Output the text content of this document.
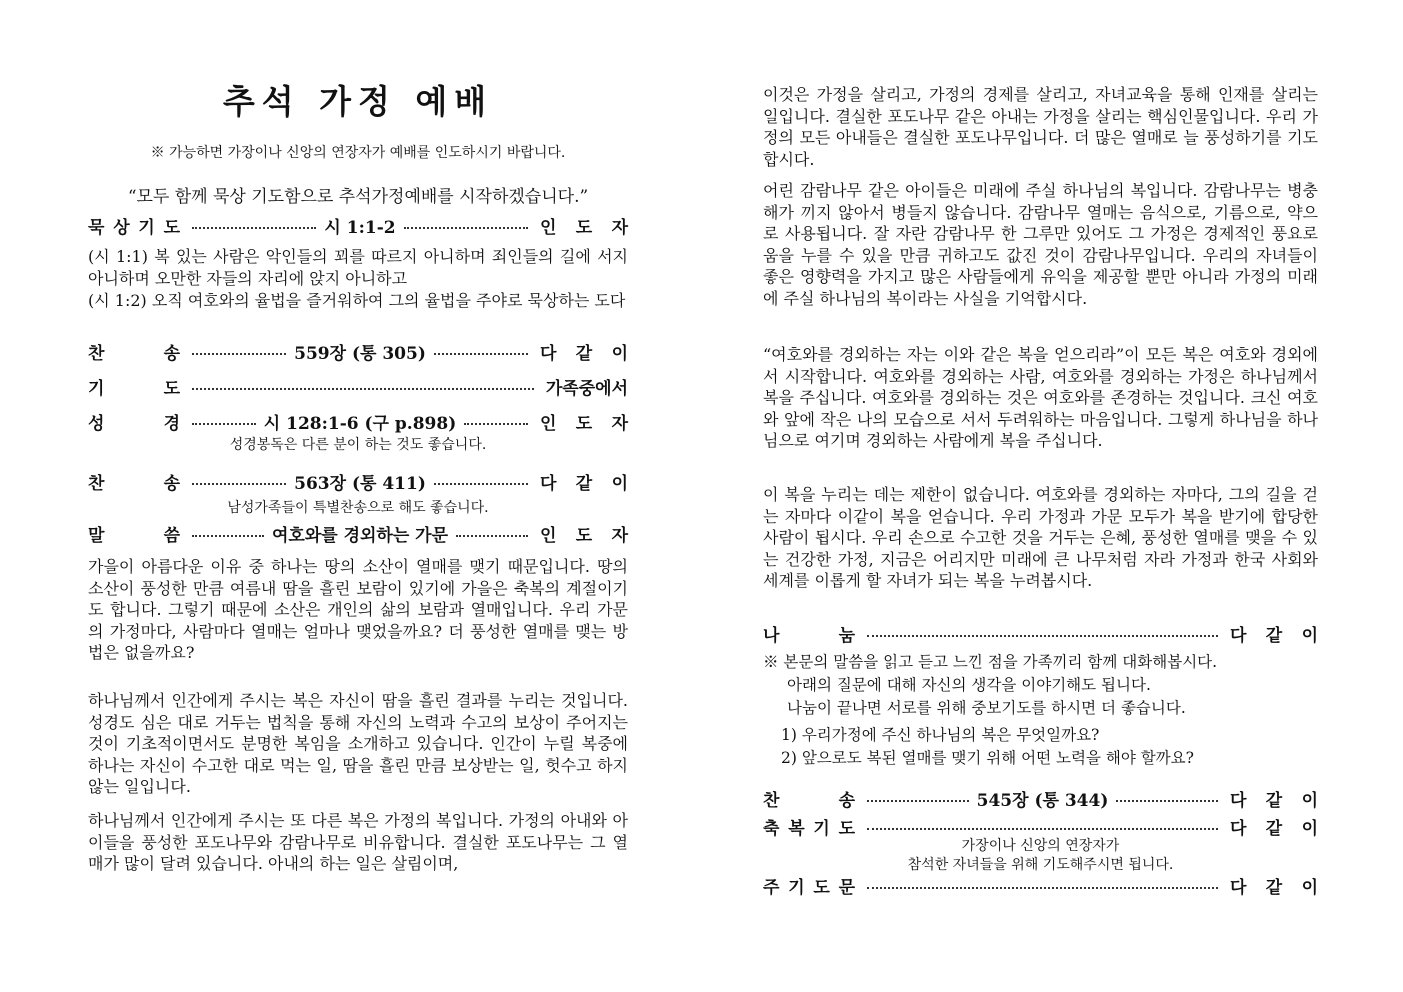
추석 가정 예배
※ 가능하면 가장이나 신앙의 연장자가 예배를 인도하시기 바랍니다.
“모두 함께 묵상 기도함으로 추석가정예배를 시작하겠습니다.”
묵 상 기 도	시 1:1-2	인 도 자

(시 1:1) 복 있는 사람은 악인들의 꾀를 따르지 아니하며 죄인들의 길에 서지 아니하며 오만한 자들의 자리에 앉지 아니하고

(시 1:2) 오직 여호와의 율법을 즐거워하여 그의 율법을 주야로 묵상하는 도다

찬	송	559장 (통 305)	다 같 이
기	도	가족중에서
성	경	시 128:1-6 (구 p.898)	인 도 자
성경봉독은 다른 분이 하는 것도 좋습니다.
찬	송	563장 (통 411)	다 같 이
남성가족들이 특별찬송으로 해도 좋습니다.
말	씀	여호와를 경외하는 가문	인 도 자

가을이 아름다운 이유 중 하나는 땅의 소산이 열매를 맺기 때문입니다. 땅의 소산이 풍성한 만큼 여름내 땀을 흘린 보람이 있기에 가을은 축복의 계절이기도 합니다. 그렇기 때문에 소산은 개인의 삶의 보람과 열매입니다. 우리 가문의 가정마다, 사람마다 열매는 얼마나 맺었을까요? 더 풍성한 열매를 맺는 방법은 없을까요?

하나님께서 인간에게 주시는 복은 자신이 땀을 흘린 결과를 누리는 것입니다. 성경도 심은 대로 거두는 법칙을 통해 자신의 노력과 수고의 보상이 주어지는 것이 기초적이면서도 분명한 복임을 소개하고 있습니다. 인간이 누릴 복중에 하나는 자신이 수고한 대로 먹는 일, 땀을 흘린 만큼 보상받는 일, 헛수고 하지 않는 일입니다.

하나님께서 인간에게 주시는 또 다른 복은 가정의 복입니다. 가정의 아내와 아이들을 풍성한 포도나무와 감람나무로 비유합니다. 결실한 포도나무는 그 열매가 많이 달려 있습니다. 아내의 하는 일은 살림이며,

이것은 가정을 살리고, 가정의 경제를 살리고, 자녀교육을 통해 인재를 살리는 일입니다. 결실한 포도나무 같은 아내는 가정을 살리는 핵심인물입니다. 우리 가정의 모든 아내들은 결실한 포도나무입니다. 더 많은 열매로 늘 풍성하기를 기도합시다.

어린 감람나무 같은 아이들은 미래에 주실 하나님의 복입니다. 감람나무는 병충해가 끼지 않아서 병들지 않습니다. 감람나무 열매는 음식으로, 기름으로, 약으로 사용됩니다. 잘 자란 감람나무 한 그루만 있어도 그 가정은 경제적인 풍요로움을 누를 수 있을 만큼 귀하고도 값진 것이 감람나무입니다. 우리의 자녀들이 좋은 영향력을 가지고 많은 사람들에게 유익을 제공할 뿐만 아니라 가정의 미래에 주실 하나님의 복이라는 사실을 기억합시다.

“여호와를 경외하는 자는 이와 같은 복을 얻으리라”이 모든 복은 여호와 경외에서 시작합니다. 여호와를 경외하는 사람, 여호와를 경외하는 가정은 하나님께서 복을 주십니다. 여호와를 경외하는 것은 여호와를 존경하는 것입니다. 크신 여호와 앞에 작은 나의 모습으로 서서 두려워하는 마음입니다. 그렇게 하나님을 하나님으로 여기며 경외하는 사람에게 복을 주십니다.

이 복을 누리는 데는 제한이 없습니다. 여호와를 경외하는 자마다, 그의 길을 걷는 자마다 이같이 복을 얻습니다. 우리 가정과 가문 모두가 복을 받기에 합당한 사람이 됩시다. 우리 손으로 수고한 것을 거두는 은혜, 풍성한 열매를 맺을 수 있는 건강한 가정, 지금은 어리지만 미래에 큰 나무처럼 자라 가정과 한국 사회와 세계를 이롭게 할 자녀가 되는 복을 누려봅시다.

나	눔	다 같 이
※ 본문의 말씀을 읽고 듣고 느낀 점을 가족끼리 함께 대화해봅시다.
아래의 질문에 대해 자신의 생각을 이야기해도 됩니다.
나눔이 끝나면 서로를 위해 중보기도를 하시면 더 좋습니다.
1) 우리가정에 주신 하나님의 복은 무엇일까요?
2) 앞으로도 복된 열매를 맺기 위해 어떤 노력을 해야 할까요?
찬	송	545장 (통 344)	다 같 이
축 복 기 도	다 같 이
가장이나 신앙의 연장자가
참석한 자녀들을 위해 기도해주시면 됩니다.
주 기 도 문	다 같 이
